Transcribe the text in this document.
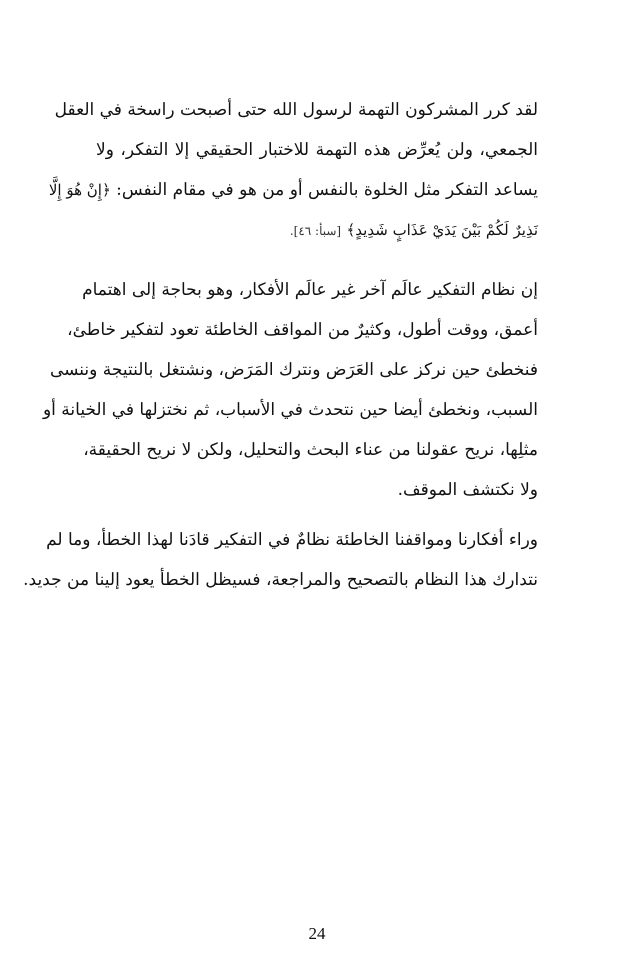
لقد كرر المشركون التهمة لرسول الله حتى أصبحت راسخة في العقل
الجمعي، ولن يُعرِّض هذه التهمة للاختبار الحقيقي إلا التفكر، ولا
يساعد التفكر مثل الخلوة بالنفس أو من هو في مقام النفس: ﴿إِنْ هُوَ إِلَّا
نَذِيرٌ لَكُمْ بَيْنَ يَدَيْ عَذَابٍ شَدِيدٍ﴾ [سبأ: ٤٦].
إن نظام التفكير عالَم آخر غير عالَم الأفكار، وهو بحاجة إلى اهتمام
أعمق، ووقت أطول، وكثيرٌ من المواقف الخاطئة تعود لتفكير خاطئ،
فنخطئ حين نركز على العَرَض ونترك المَرَض، ونشتغل بالنتيجة وننسى
السبب، ونخطئ أيضا حين نتحدث في الأسباب، ثم نختزلها في الخيانة أو
مثلِها، نريح عقولنا من عناء البحث والتحليل، ولكن لا نريح الحقيقة،
ولا نكتشف الموقف.
وراء أفكارنا ومواقفنا الخاطئة نظامٌ في التفكير قادَنا لهذا الخطأ، وما لم
نتدارك هذا النظام بالتصحيح والمراجعة، فسيظل الخطأ يعود إلينا من جديد.
24
